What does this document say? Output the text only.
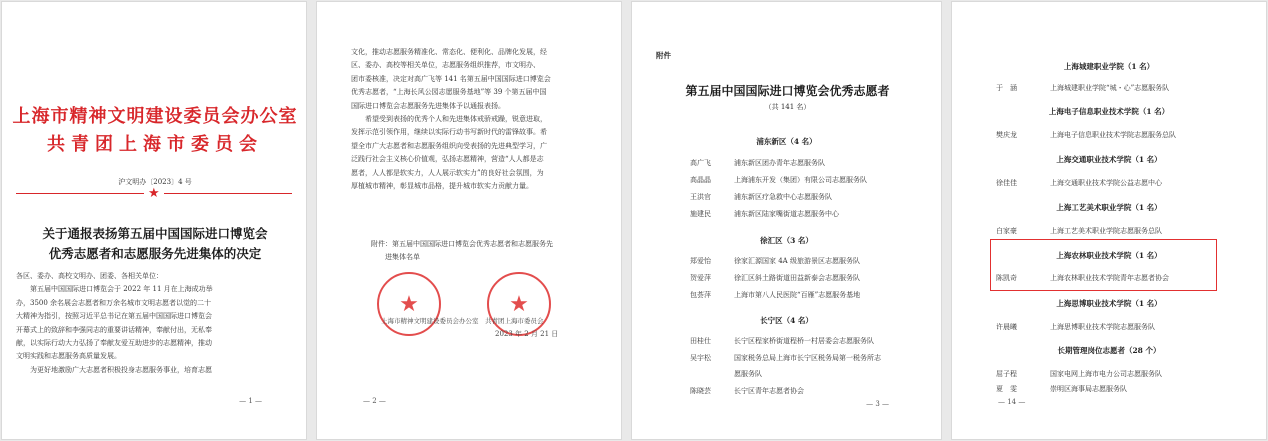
上海市精神文明建设委员会办公室
共青团上海市委员会
沪文明办〔2023〕4 号
★
关于通报表扬第五届中国国际进口博览会
优秀志愿者和志愿服务先进集体的决定
各区、委办、高校文明办、团委、各相关单位：
　　第五届中国国际进口博览会于 2022 年 11 月在上海成功举
办，3500 余名展会志愿者和万余名城市文明志愿者以觉的二十
大精神为指引，按照习近平总书记在第五届中国国际进口博览会
开幕式上的致辞和李强同志的重要讲话精神，奉献付出，无私奉
献，以实际行动大力弘扬了奉献友爱互助进步的志愿精神，推动
文明实践和志愿服务高质量发展。
　　为更好地激励广大志愿者积极投身志愿服务事业，培育志愿
— 1 —
文化，推动志愿服务精准化、常态化、便利化、品牌化发展，经
区、委办、高校等相关单位，志愿服务组织推荐，市文明办、
团市委核准，决定对高广飞等 141 名第五届中国国际进口博览会
优秀志愿者，“上海长风公园志愿服务基地”等 39 个第五届中国
国际进口博览会志愿服务先进集体予以通报表扬。
　　希望受到表扬的优秀个人和先进集体戒骄戒躁，锐意进取，
发挥示范引领作用，继续以实际行动书写新时代的雷锋故事。希
望全市广大志愿者和志愿服务组织向受表扬的先进典型学习，广
泛践行社会主义核心价值观，弘扬志愿精神，营造“人人都是志
愿者，人人都是软实力，人人展示软实力”的良好社会氛围，为
厚植城市精神，彰显城市品格，提升城市软实力贡献力量。
附件：第五届中国国际进口博览会优秀志愿者和志愿服务先
进集体名单
★	★
上海市精神文明建设委员会办公室 共青团上海市委员会
2023 年 2 月 21 日
— 2 —
附件
第五届中国国际进口博览会优秀志愿者
（共 141 名）
浦东新区（4 名）
高广飞	浦东新区团办青年志愿服务队
高晶晶	上海浦东开发（集团）有限公司志愿服务队
王洪官	浦东新区疗急救中心志愿服务队
施建民	浦东新区陆家嘴街道志愿服务中心
徐汇区（3 名）
郑爱怡	徐家汇源国家 4A 级旅游景区志愿服务队
贺爱萍	徐汇区斜土路街道田益新泰会志愿服务队
包荟萍	上海市第八人民医院“百雁”志愿服务基地
长宁区（4 名）
田桂仕	长宁区程家桥街道程桥一村居委会志愿服务队
吴宇松	国家税务总局上海市长宁区税务局第一税务所志
愿服务队
陈晓芸	长宁区青年志愿者协会
— 3 —
上海城建职业学院（1 名）
于　涵	上海城建职业学院“城・心”志愿服务队
上海电子信息职业技术学院（1 名）
樊庆龙	上海电子信息职业技术学院志愿服务总队
上海交通职业技术学院（1 名）
徐佳佳	上海交通职业技术学院公益志愿中心
上海工艺美术职业学院（1 名）
白家豪	上海工艺美术职业学院志愿服务总队
上海农林职业技术学院（1 名）
陈凯奇	上海农林职业技术学院青年志愿者协会
上海思博职业技术学院（1 名）
许晨曦	上海思博职业技术学院志愿服务队
长期管理岗位志愿者（28 个）
屈子程	国家电网上海市电力公司志愿服务队
夏　雯	崇明区海事局志愿服务队
— 14 —
